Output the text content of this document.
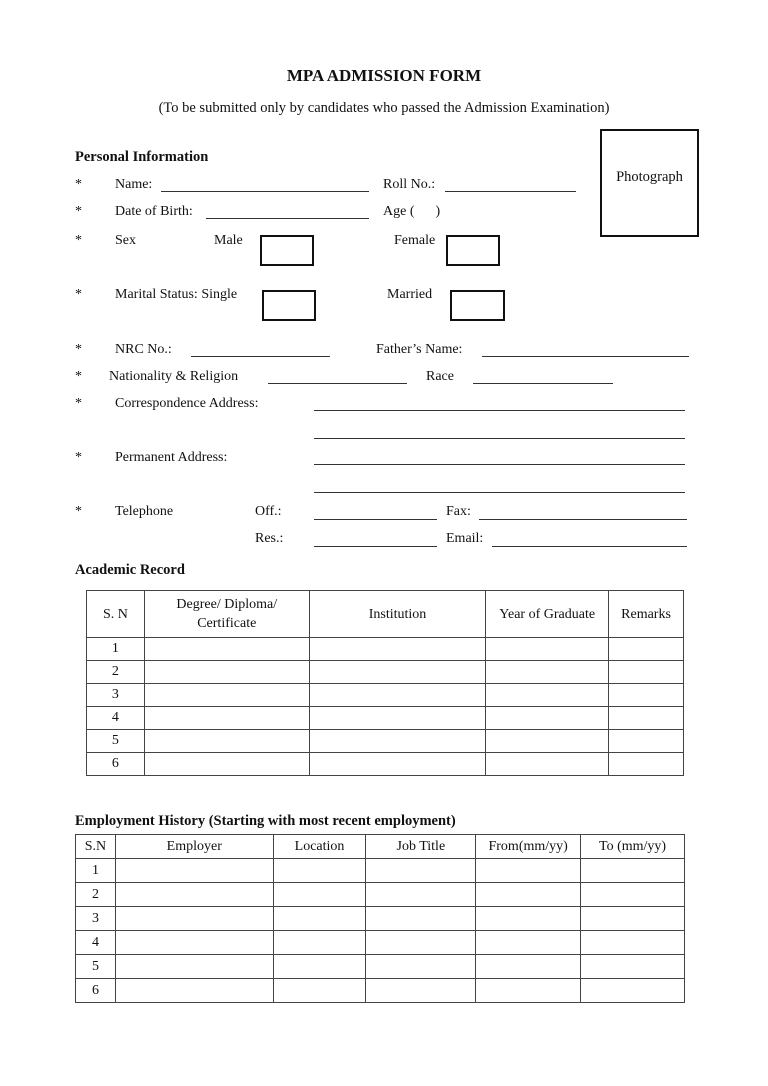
MPA ADMISSION FORM
(To be submitted only by candidates who passed the Admission Examination)
Personal Information
Photograph
* Name:	Roll No.:
* Date of Birth:	Age (      )
* Sex	Male	Female
* Marital Status: Single	Married
* NRC No.:	Father’s Name:
* Nationality & Religion	Race
* Correspondence Address:
* Permanent Address:
* Telephone	Off.:	Fax:
Res.:	Email:
Academic Record
S. N	Degree/ Diploma/ Certificate	Institution	Year of Graduate	Remarks
1				
2				
3				
4				
5				
6				
Employment History (Starting with most recent employment)
S.N	Employer	Location	Job Title	From(mm/yy)	To (mm/yy)
1					
2					
3					
4					
5					
6					
